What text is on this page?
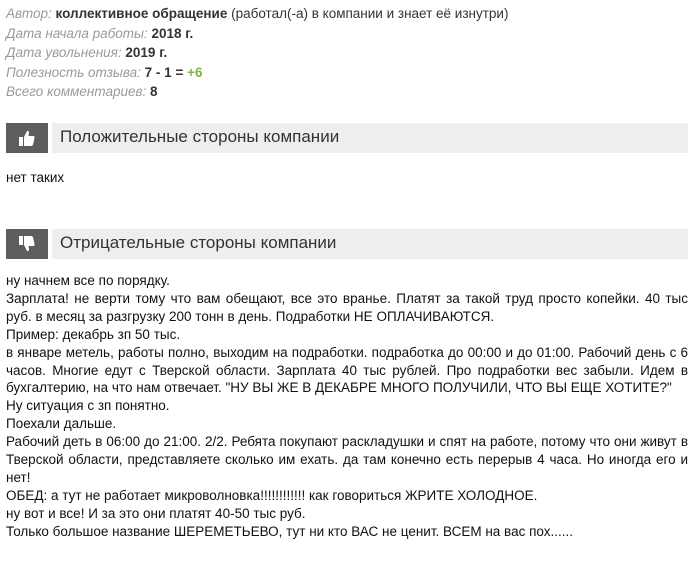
Автор: коллективное обращение (работал(-а) в компании и знает её изнутри)
Дата начала работы: 2018 г.
Дата увольнения: 2019 г.
Полезность отзыва: 7 - 1 = +6
Всего комментариев: 8
Положительные стороны компании
нет таких
Отрицательные стороны компании
ну начнем все по порядку.
Зарплата! не верти тому что вам обещают, все это вранье. Платят за такой труд просто копейки. 40 тыс руб. в месяц за разгрузку 200 тонн в день. Подработки НЕ ОПЛАЧИВАЮТСЯ.
Пример: декабрь зп 50 тыс.
в январе метель, работы полно, выходим на подработки. подработка до 00:00 и до 01:00. Рабочий день с 6 часов. Многие едут с Тверской области. Зарплата 40 тыс рублей. Про подработки вес забыли. Идем в бухгалтерию, на что нам отвечает. "НУ ВЫ ЖЕ В ДЕКАБРЕ МНОГО ПОЛУЧИЛИ, ЧТО ВЫ ЕЩЕ ХОТИТЕ?"
Ну ситуация с зп понятно.
Поехали дальше.
Рабочий деть в 06:00 до 21:00. 2/2. Ребята покупают раскладушки и спят на работе, потому что они живут в Тверской области, представляете сколько им ехать. да там конечно есть перерыв 4 часа. Но иногда его и нет!
ОБЕД: а тут не работает микроволновка!!!!!!!!!!!! как говориться ЖРИТЕ ХОЛОДНОЕ.
ну вот и все! И за это они платят 40-50 тыс руб.
Только большое название ШЕРЕМЕТЬЕВО, тут ни кто ВАС не ценит. ВСЕМ на вас пох......
